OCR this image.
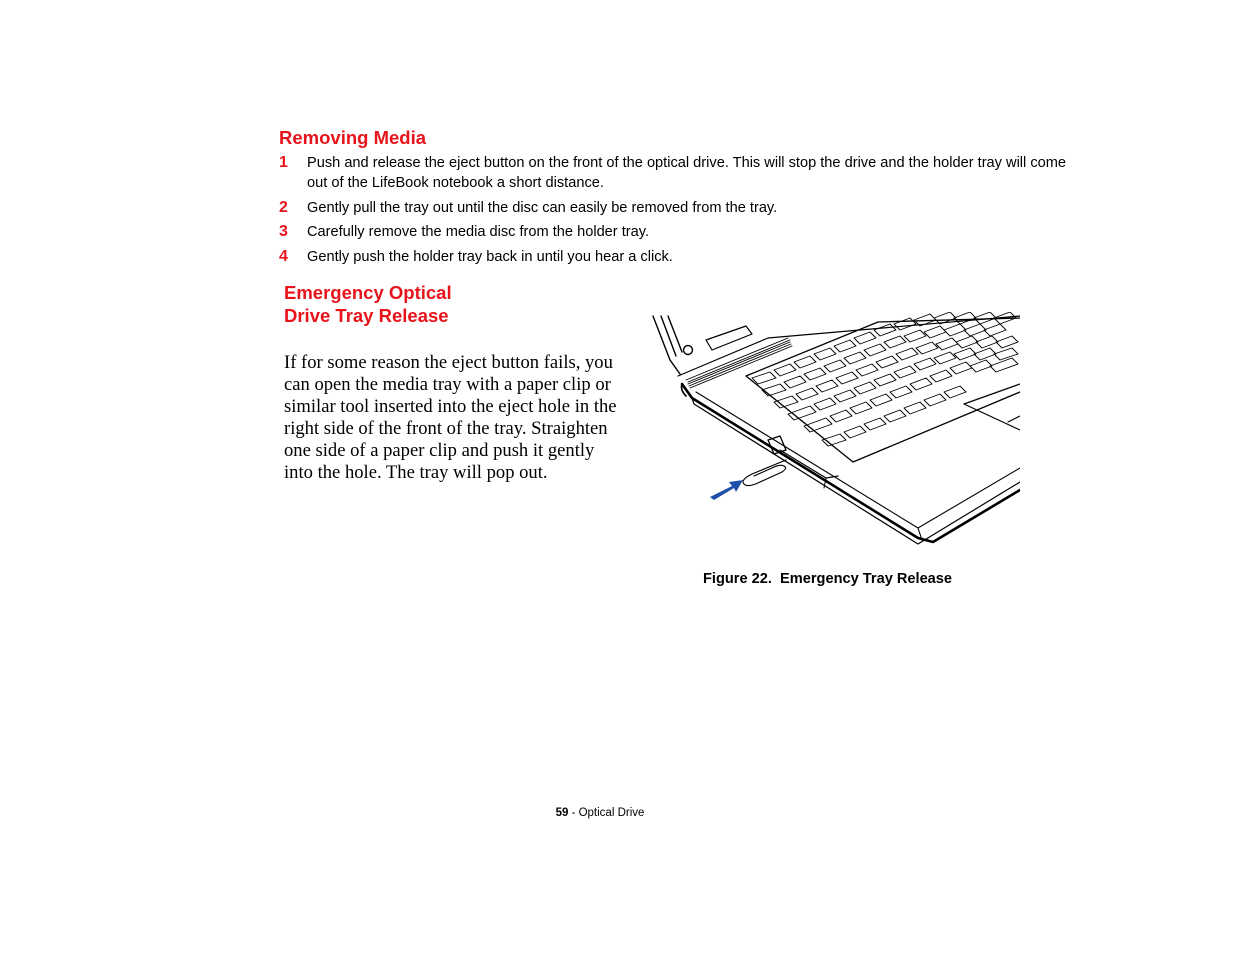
Removing Media
1 Push and release the eject button on the front of the optical drive. This will stop the drive and the holder tray will come out of the LifeBook notebook a short distance.
2 Gently pull the tray out until the disc can easily be removed from the tray.
3 Carefully remove the media disc from the holder tray.
4 Gently push the holder tray back in until you hear a click.
Emergency Optical
Drive Tray Release

If for some reason the eject button fails, you can open the media tray with a paper clip or similar tool inserted into the eject hole in the right side of the front of the tray. Straighten one side of a paper clip and push it gently into the hole. The tray will pop out.

Figure 22.  Emergency Tray Release

59 - Optical Drive
